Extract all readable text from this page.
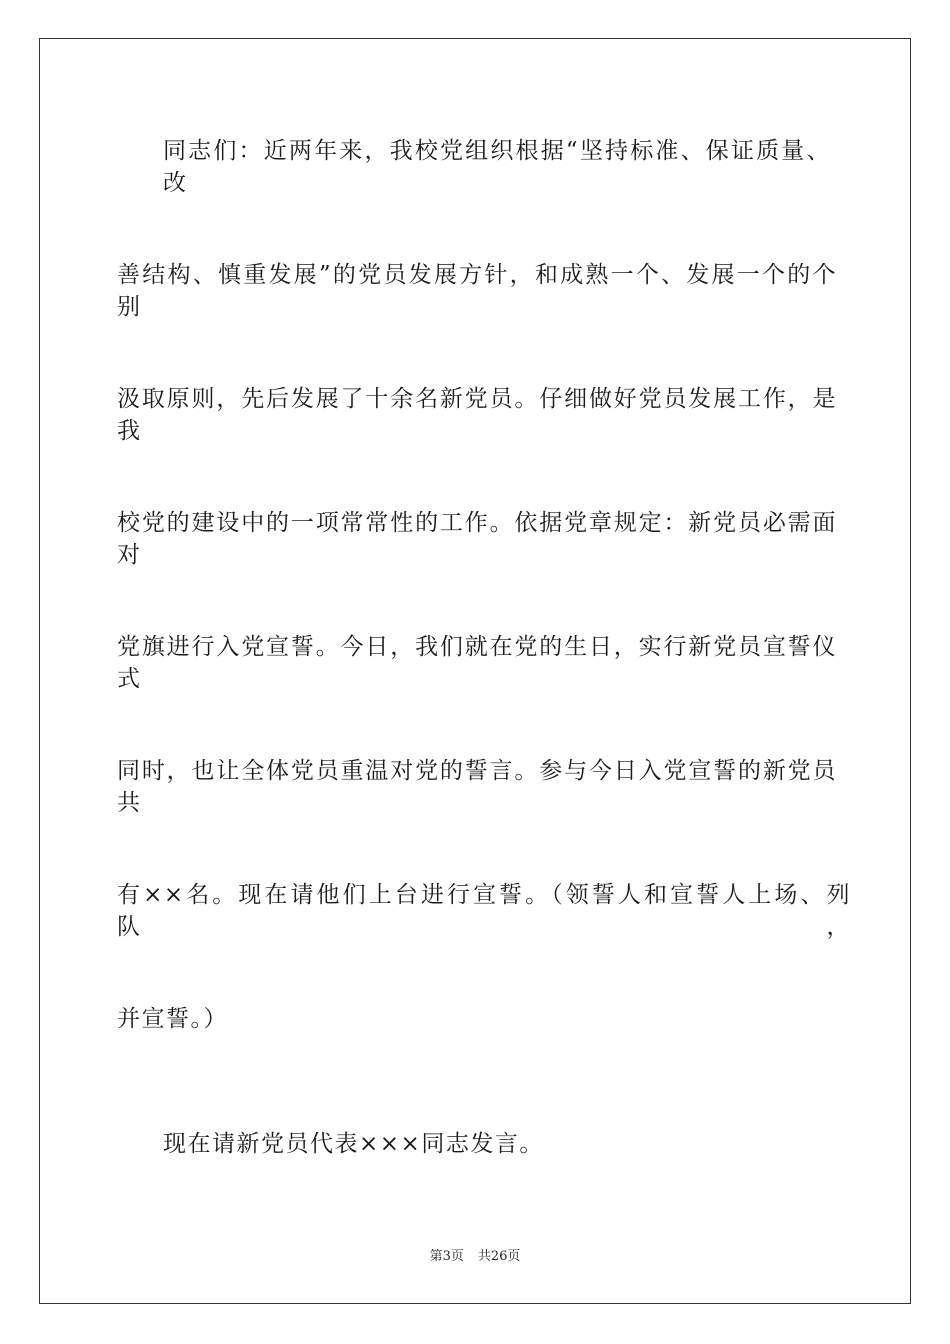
同志们：近两年来，我校党组织根据“坚持标准、保证质量、改
善结构、慎重发展”的党员发展方针，和成熟一个、发展一个的个别
汲取原则，先后发展了十余名新党员。仔细做好党员发展工作，是我
校党的建设中的一项常常性的工作。依据党章规定：新党员必需面对
党旗进行入党宣誓。今日，我们就在党的生日，实行新党员宣誓仪式
同时，也让全体党员重温对党的誓言。参与今日入党宣誓的新党员共
有××名。现在请他们上台进行宣誓。（领誓人和宣誓人上场、列队，
并宣誓。）
现在请新党员代表×××同志发言。
第3页 共26页
